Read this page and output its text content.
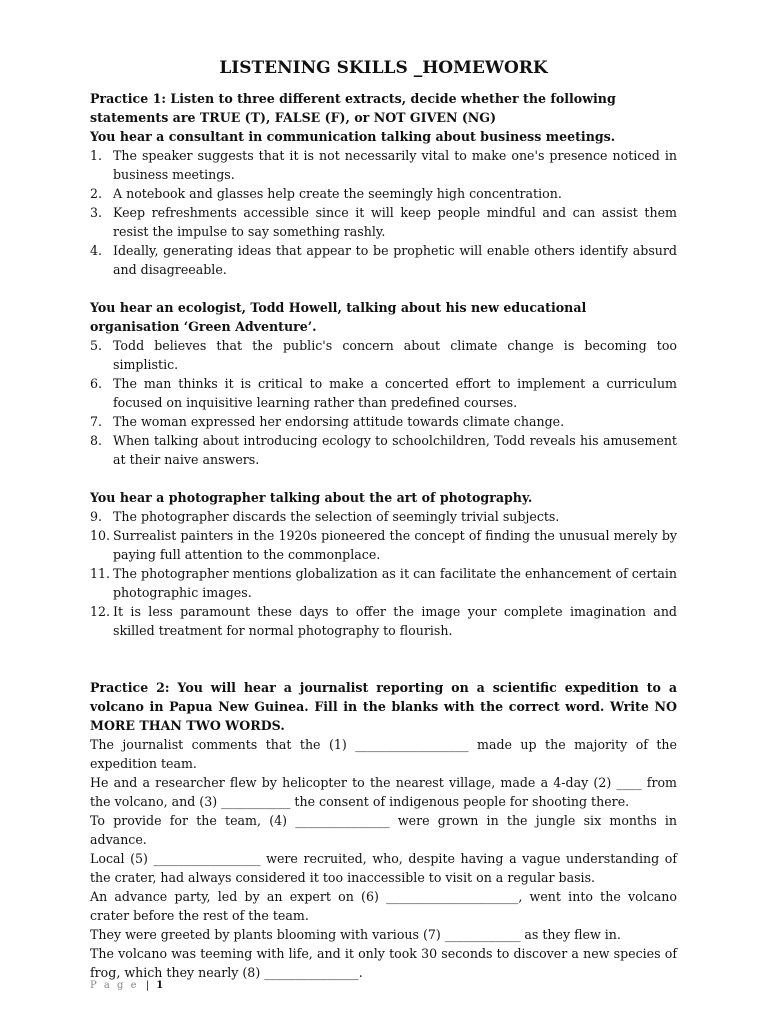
LISTENING SKILLS _HOMEWORK

Practice 1: Listen to three different extracts, decide whether the following statements are TRUE (T), FALSE (F), or NOT GIVEN (NG)

You hear a consultant in communication talking about business meetings.

1. The speaker suggests that it is not necessarily vital to make one's presence noticed in business meetings.
2. A notebook and glasses help create the seemingly high concentration.
3. Keep refreshments accessible since it will keep people mindful and can assist them resist the impulse to say something rashly.
4. Ideally, generating ideas that appear to be prophetic will enable others identify absurd and disagreeable.

You hear an ecologist, Todd Howell, talking about his new educational organisation ‘Green Adventure’.

5. Todd believes that the public's concern about climate change is becoming too simplistic.
6. The man thinks it is critical to make a concerted effort to implement a curriculum focused on inquisitive learning rather than predefined courses.
7. The woman expressed her endorsing attitude towards climate change.
8. When talking about introducing ecology to schoolchildren, Todd reveals his amusement at their naive answers.

You hear a photographer talking about the art of photography.

9. The photographer discards the selection of seemingly trivial subjects.
10. Surrealist painters in the 1920s pioneered the concept of finding the unusual merely by paying full attention to the commonplace.
11. The photographer mentions globalization as it can facilitate the enhancement of certain photographic images.
12. It is less paramount these days to offer the image your complete imagination and skilled treatment for normal photography to flourish.

Practice 2: You will hear a journalist reporting on a scientific expedition to a volcano in Papua New Guinea. Fill in the blanks with the correct word. Write NO MORE THAN TWO WORDS.

The journalist comments that the (1) __________________ made up the majority of the expedition team.

He and a researcher flew by helicopter to the nearest village, made a 4-day (2) ____ from the volcano, and (3) ___________ the consent of indigenous people for shooting there.

To provide for the team, (4) _______________ were grown in the jungle six months in advance.

Local (5) _________________ were recruited, who, despite having a vague understanding of the crater, had always considered it too inaccessible to visit on a regular basis.

An advance party, led by an expert on (6) _____________________, went into the volcano crater before the rest of the team.

They were greeted by plants blooming with various (7) ____________ as they flew in.

The volcano was teeming with life, and it only took 30 seconds to discover a new species of frog, which they nearly (8) _______________.

P a g e | 1
